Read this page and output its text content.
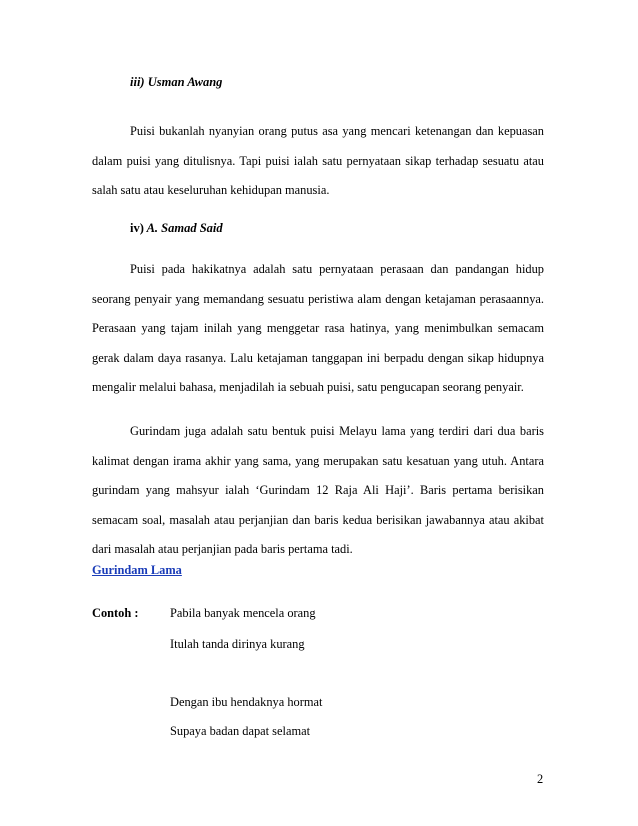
iii) Usman Awang

Puisi bukanlah nyanyian orang putus asa yang mencari ketenangan dan kepuasan dalam puisi yang ditulisnya. Tapi puisi ialah satu pernyataan sikap terhadap sesuatu atau salah satu atau keseluruhan kehidupan manusia.

iv) A. Samad Said

Puisi pada hakikatnya adalah satu pernyataan perasaan dan pandangan hidup seorang penyair yang memandang sesuatu peristiwa alam dengan ketajaman perasaannya. Perasaan yang tajam inilah yang menggetar rasa hatinya, yang menimbulkan semacam gerak dalam daya rasanya. Lalu ketajaman tanggapan ini berpadu dengan sikap hidupnya mengalir melalui bahasa, menjadilah ia sebuah puisi, satu pengucapan seorang penyair.

Gurindam juga adalah satu bentuk puisi Melayu lama yang terdiri dari dua baris kalimat dengan irama akhir yang sama, yang merupakan satu kesatuan yang utuh. Antara gurindam yang mahsyur ialah ‘Gurindam 12 Raja Ali Haji’. Baris pertama berisikan semacam soal, masalah atau perjanjian dan baris kedua berisikan jawabannya atau akibat dari masalah atau perjanjian pada baris pertama tadi.

Gurindam Lama
Contoh :	Pabila banyak mencela orang
Itulah tanda dirinya kurang
Dengan ibu hendaknya hormat
Supaya badan dapat selamat
2
